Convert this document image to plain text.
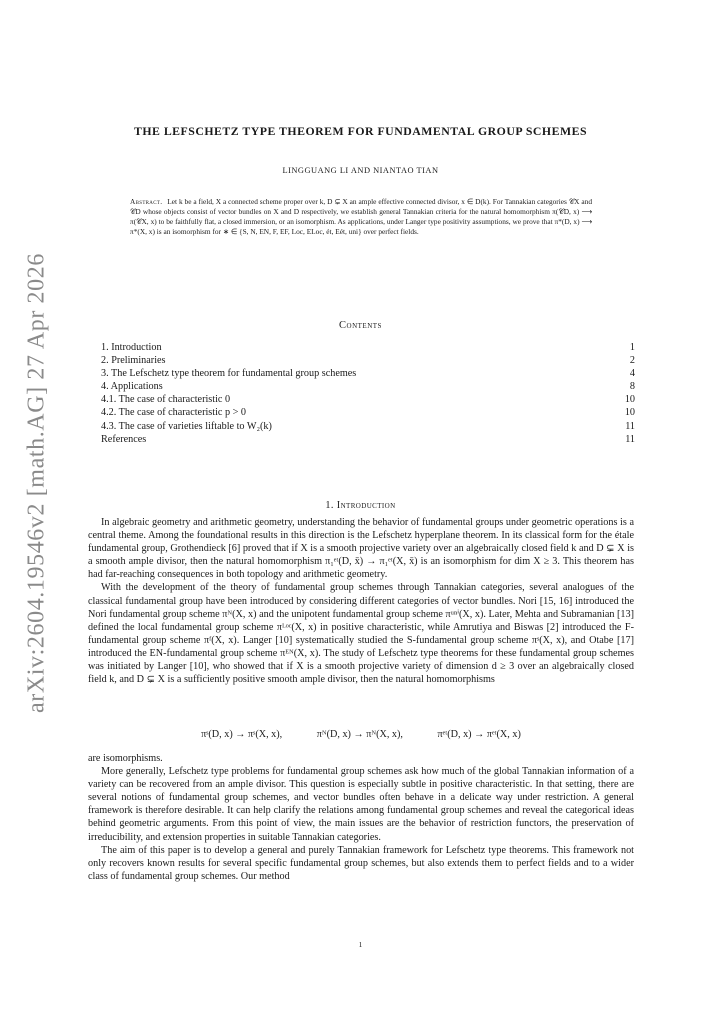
arXiv:2604.19546v2 [math.AG] 27 Apr 2026
THE LEFSCHETZ TYPE THEOREM FOR FUNDAMENTAL GROUP SCHEMES
LINGGUANG LI AND NIANTAO TIAN
Abstract. Let k be a field, X a connected scheme proper over k, D ⊊ X an ample effective connected divisor, x ∈ D(k). For Tannakian categories 𝒞X and 𝒞D whose objects consist of vector bundles on X and D respectively, we establish general Tannakian criteria for the natural homomorphism π(𝒞D, x) ⟶ π(𝒞X, x) to be faithfully flat, a closed immersion, or an isomorphism. As applications, under Langer type positivity assumptions, we prove that π*(D, x) ⟶ π*(X, x) is an isomorphism for ∗ ∈ {S, N, EN, F, EF, Loc, ELoc, ét, Eét, uni} over perfect fields.
Contents
1. Introduction	1
2. Preliminaries	2
3. The Lefschetz type theorem for fundamental group schemes	4
4. Applications	8
4.1. The case of characteristic 0	10
4.2. The case of characteristic p > 0	10
4.3. The case of varieties liftable to W₂(k)	11
References	11
1. Introduction

In algebraic geometry and arithmetic geometry, understanding the behavior of fundamental groups under geometric operations is a central theme. Among the foundational results in this direction is the Lefschetz hyperplane theorem. In its classical form for the étale fundamental group, Grothendieck [6] proved that if X is a smooth projective variety over an algebraically closed field k and D ⊊ X is a smooth ample divisor, then the natural homomorphism π₁ᵉᵗ(D, x̄) → π₁ᵉᵗ(X, x̄) is an isomorphism for dim X ≥ 3. This theorem has had far-reaching consequences in both topology and arithmetic geometry.

With the development of the theory of fundamental group schemes through Tannakian categories, several analogues of the classical fundamental group have been introduced by considering different categories of vector bundles. Nori [15, 16] introduced the Nori fundamental group scheme πᴺ(X, x) and the unipotent fundamental group scheme πᵘⁿⁱ(X, x). Later, Mehta and Subramanian [13] defined the local fundamental group scheme πᴸᵒᶜ(X, x) in positive characteristic, while Amrutiya and Biswas [2] introduced the F-fundamental group scheme πᶠ(X, x). Langer [10] systematically studied the S-fundamental group scheme πˢ(X, x), and Otabe [17] introduced the EN-fundamental group scheme πᴱᴺ(X, x). The study of Lefschetz type theorems for these fundamental group schemes was initiated by Langer [10], who showed that if X is a smooth projective variety of dimension d ≥ 3 over an algebraically closed field k, and D ⊊ X is a sufficiently positive smooth ample divisor, then the natural homomorphisms

πˢ(D, x) → πˢ(X, x),	πᴺ(D, x) → πᴺ(X, x),	πᵉᵗ(D, x) → πᵉᵗ(X, x)

are isomorphisms.

More generally, Lefschetz type problems for fundamental group schemes ask how much of the global Tannakian information of a variety can be recovered from an ample divisor. This question is especially subtle in positive characteristic. In that setting, there are several notions of fundamental group schemes, and vector bundles often behave in a delicate way under restriction. A general framework is therefore desirable. It can help clarify the relations among fundamental group schemes and reveal the categorical ideas behind geometric arguments. From this point of view, the main issues are the behavior of restriction functors, the preservation of irreducibility, and extension properties in suitable Tannakian categories.

The aim of this paper is to develop a general and purely Tannakian framework for Lefschetz type theorems. This framework not only recovers known results for several specific fundamental group schemes, but also extends them to perfect fields and to a wider class of fundamental group schemes. Our method

1
